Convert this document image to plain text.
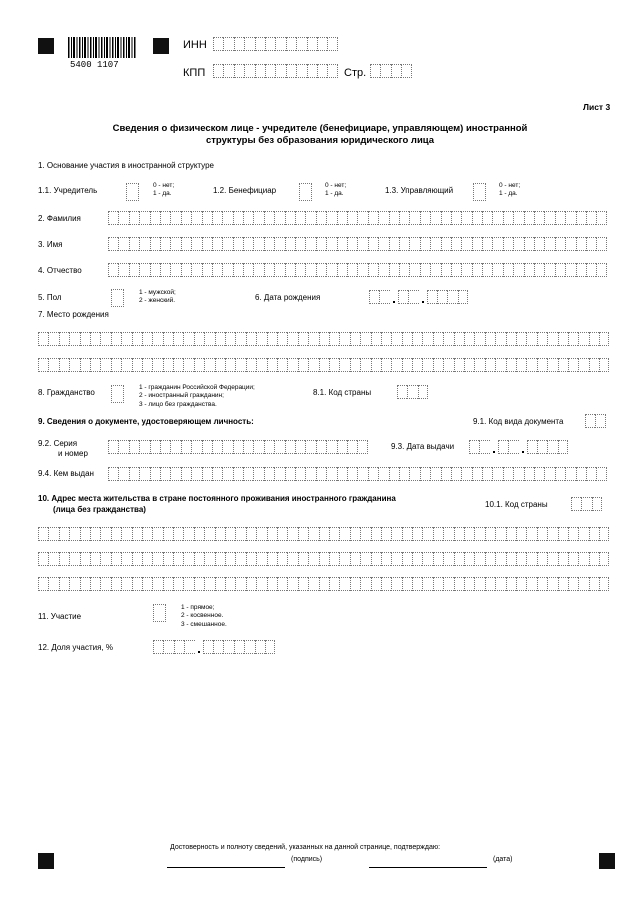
5400 1107
ИНН
КПП	Стр.
Лист 3
Сведения о физическом лице - учредителе (бенефициаре, управляющем) иностранной
структуры без образования юридического лица
1. Основание участия в иностранной структуре
1.1. Учредитель
0 - нет;
1 - да.	1.2. Бенефициар
0 - нет;
1 - да.	1.3. Управляющий
0 - нет;
1 - да.
2. Фамилия
3. Имя
4. Отчество
5. Пол
1 - мужской;
2 - женский.	6. Дата рождения
7. Место рождения
8. Гражданство
1 - гражданин Российской Федерации;
2 - иностранный гражданин;
3 - лицо без гражданства.
8.1. Код страны
9. Сведения о документе, удостоверяющем личность:	9.1. Код вида документа
9.2. Серия
и номер
9.3. Дата выдачи
9.4. Кем выдан
10. Адрес места жительства в стране постоянного проживания иностранного гражданина
(лица без гражданства)
10.1. Код страны
11. Участие
1 - прямое;
2 - косвенное.
3 - смешанное.
12. Доля участия, %
Достоверность и полноту сведений, указанных на данной странице, подтверждаю:
(подпись)	(дата)
